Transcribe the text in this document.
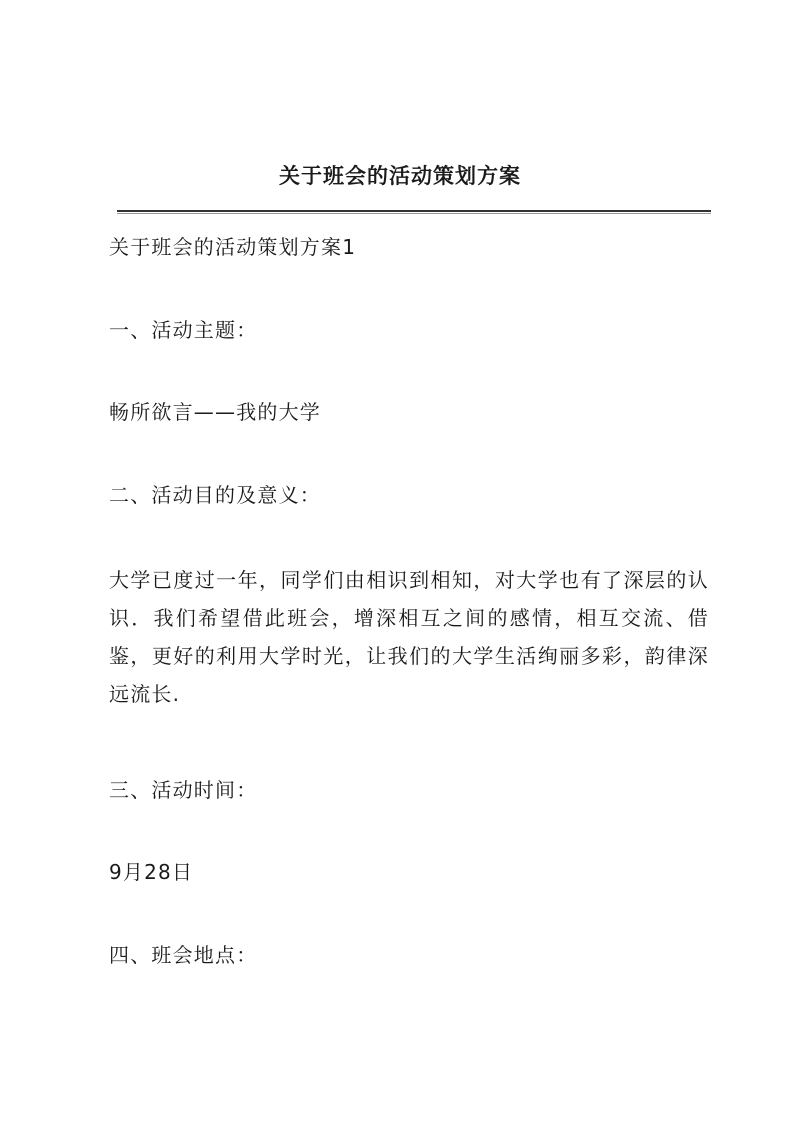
关于班会的活动策划方案

关于班会的活动策划方案1

一、活动主题：

畅所欲言——我的大学

二、活动目的及意义：

大学已度过一年，同学们由相识到相知，对大学也有了深层的认识．我们希望借此班会，增深相互之间的感情，相互交流、借鉴，更好的利用大学时光，让我们的大学生活绚丽多彩，韵律深远流长.

三、活动时间：

9月28日

四、班会地点：
